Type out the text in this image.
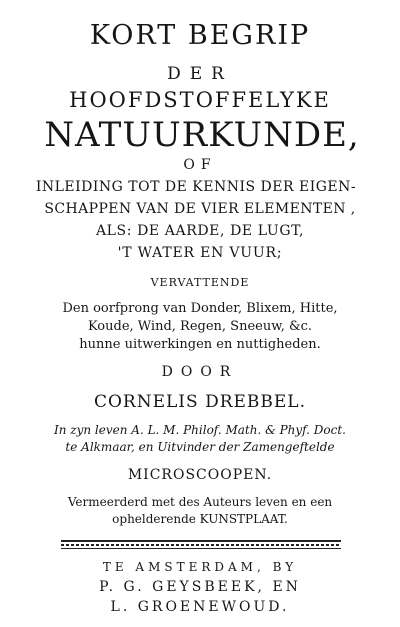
KORT BEGRIP
DER
HOOFDSTOFFELYKE
NATUURKUNDE,
OF
INLEIDING TOT DE KENNIS DER EIGEN-
SCHAPPEN VAN DE VIER ELEMENTEN ,
ALS: DE AARDE, DE LUGT,
'T WATER EN VUUR;
VERVATTENDE
Den oorfprong van Donder, Blixem, Hitte,
Koude, Wind, Regen, Sneeuw, &c.
hunne uitwerkingen en nuttigheden.
DOOR
CORNELIS DREBBEL.
In zyn leven A. L. M. Philof. Math. & Phyf. Doct.
te Alkmaar, en Uitvinder der Zamengeftelde
MICROSCOOPEN.
Vermeerderd met des Auteurs leven en een
ophelderende KUNSTPLAAT.
TE AMSTERDAM, BY
P. G. GEYSBEEK, EN
L. GROENEWOUD.
